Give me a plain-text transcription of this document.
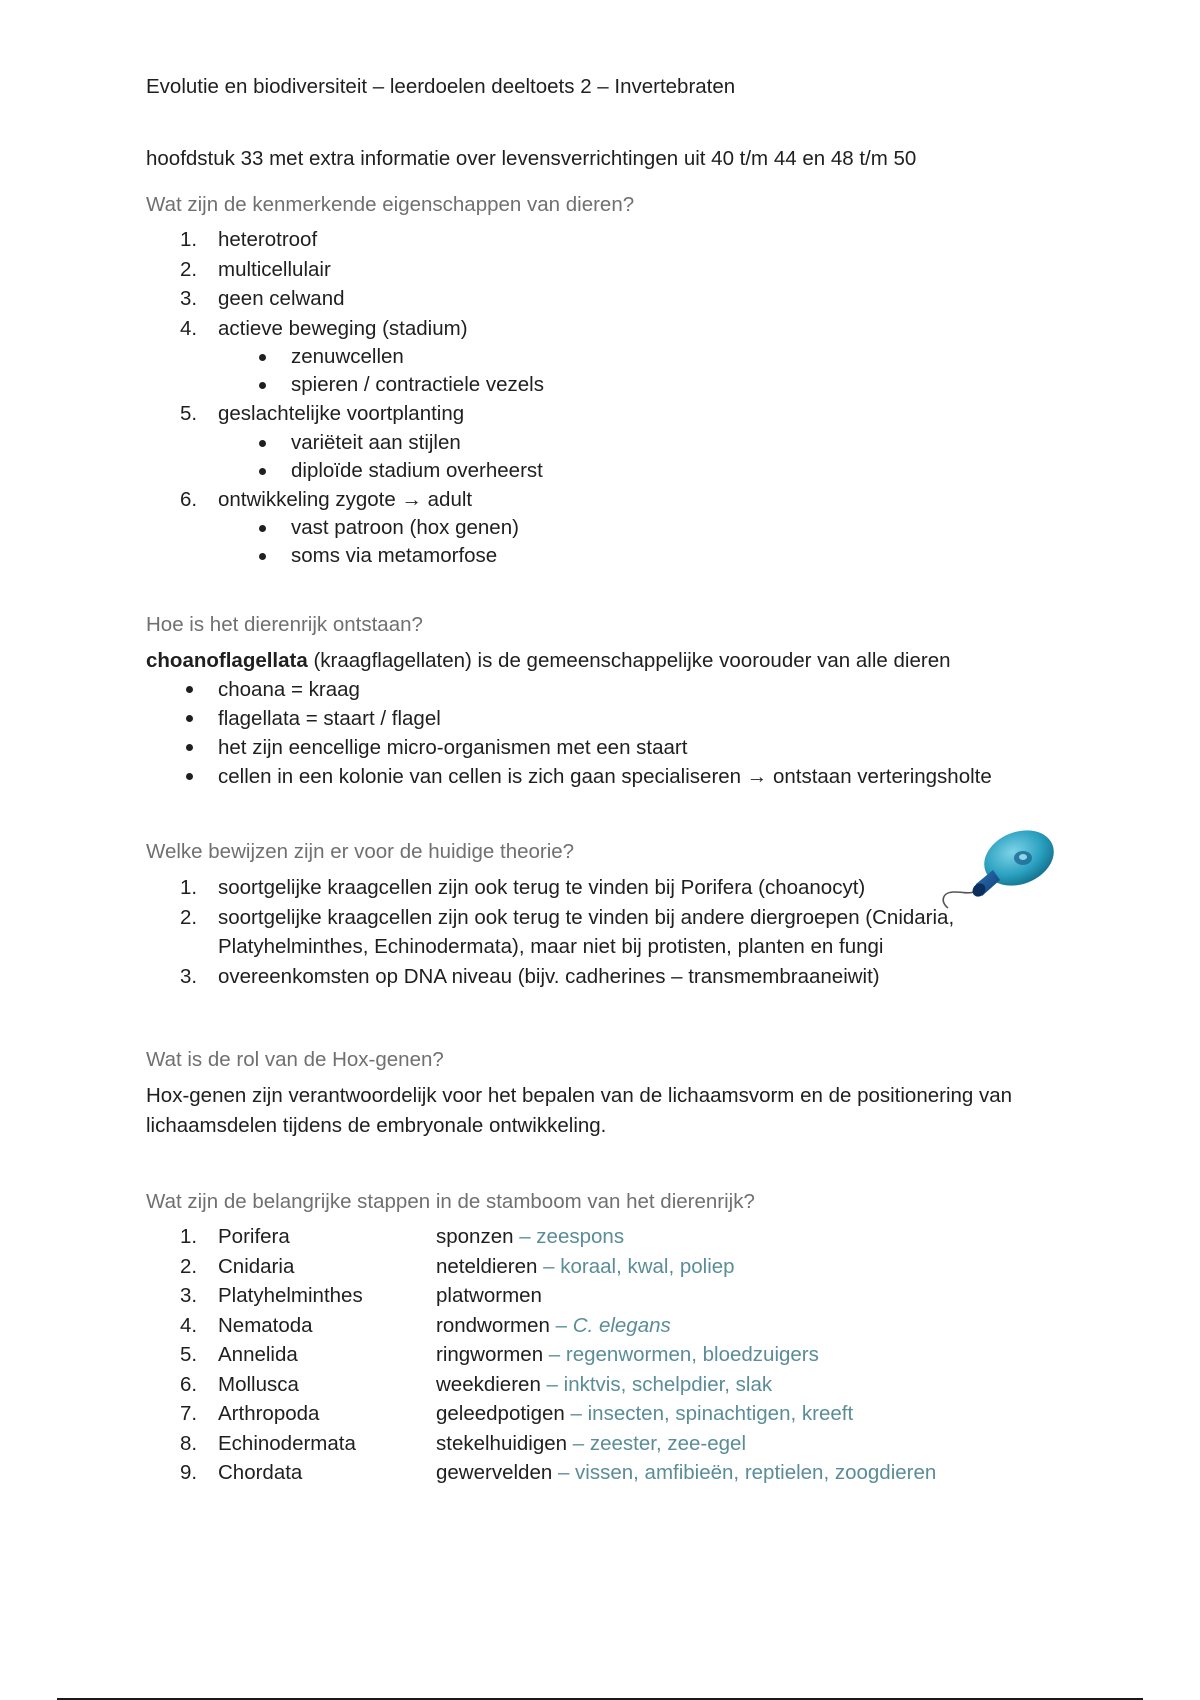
Evolutie en biodiversiteit – leerdoelen deeltoets 2 – Invertebraten
hoofdstuk 33 met extra informatie over levensverrichtingen uit 40 t/m 44 en 48 t/m 50
Wat zijn de kenmerkende eigenschappen van dieren?
1.	heterotroof
2.	multicellulair
3.	geen celwand
4.	actieve beweging (stadium)
zenuwcellen
spieren / contractiele vezels
5.	geslachtelijke voortplanting
variëteit aan stijlen
diploïde stadium overheerst
6.	ontwikkeling zygote → adult
vast patroon (hox genen)
soms via metamorfose
Hoe is het dierenrijk ontstaan?
choanoflagellata (kraagflagellaten) is de gemeenschappelijke voorouder van alle dieren
choana = kraag
flagellata = staart / flagel
het zijn eencellige micro-organismen met een staart
cellen in een kolonie van cellen is zich gaan specialiseren → ontstaan verteringsholte
Welke bewijzen zijn er voor de huidige theorie?
1.	soortgelijke kraagcellen zijn ook terug te vinden bij Porifera (choanocyt)
2.	soortgelijke kraagcellen zijn ook terug te vinden bij andere diergroepen (Cnidaria, Platyhelminthes, Echinodermata), maar niet bij protisten, planten en fungi
3.	overeenkomsten op DNA niveau (bijv. cadherines – transmembraaneiwit)
Wat is de rol van de Hox-genen?
Hox-genen zijn verantwoordelijk voor het bepalen van de lichaamsvorm en de positionering van lichaamsdelen tijdens de embryonale ontwikkeling.
Wat zijn de belangrijke stappen in de stamboom van het dierenrijk?
1. Porifera	sponzen – zeespons
2. Cnidaria	neteldieren – koraal, kwal, poliep
3. Platyhelminthes	platwormen
4. Nematoda	rondwormen – C. elegans
5. Annelida	ringwormen – regenwormen, bloedzuigers
6. Mollusca	weekdieren – inktvis, schelpdier, slak
7. Arthropoda	geleedpotigen – insecten, spinachtigen, kreeft
8. Echinodermata	stekelhuidigen – zeester, zee-egel
9. Chordata	gewervelden – vissen, amfibieën, reptielen, zoogdieren
